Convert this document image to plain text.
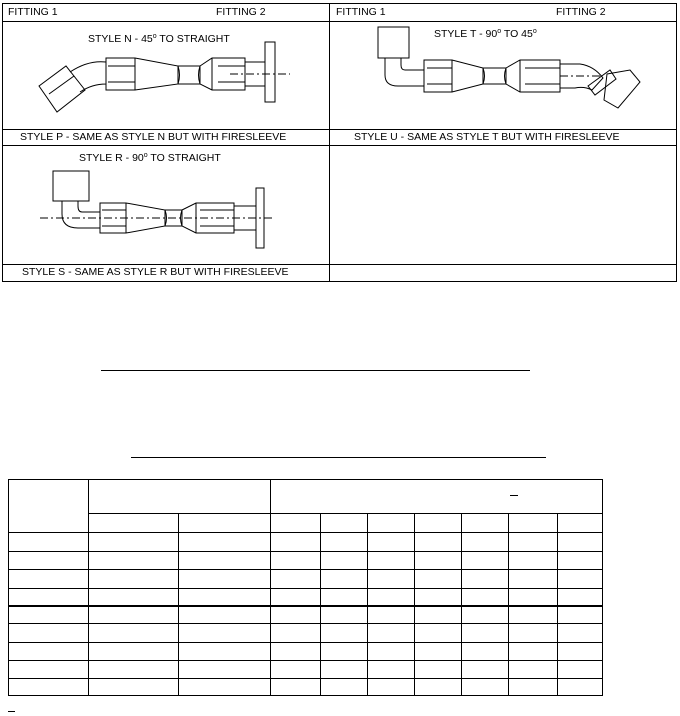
FITTING 1	FITTING 2	FITTING 1	FITTING 2
STYLE N - 45$^o$ TO STRAIGHT	STYLE T - 90$^o$ TO 45$^o$
STYLE P - SAME AS STYLE N BUT WITH FIRESLEEVE	STYLE U - SAME AS STYLE T BUT WITH FIRESLEEVE
STYLE R - 90$^o$ TO STRAIGHT
STYLE S - SAME AS STYLE R BUT WITH FIRESLEEVE
